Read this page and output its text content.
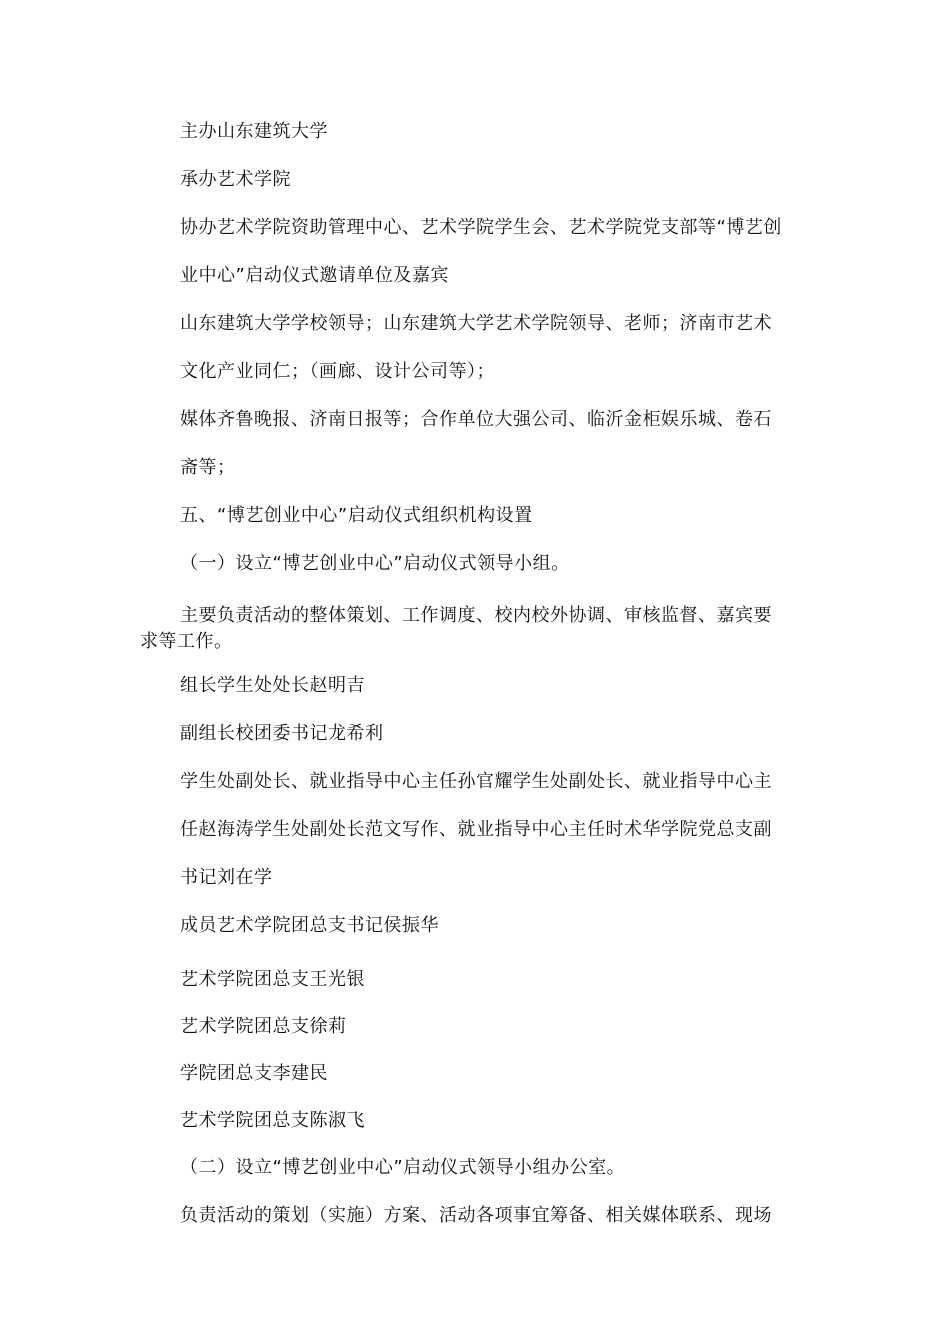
主办山东建筑大学
承办艺术学院
协办艺术学院资助管理中心、艺术学院学生会、艺术学院党支部等“博艺创
业中心”启动仪式邀请单位及嘉宾
山东建筑大学学校领导；山东建筑大学艺术学院领导、老师；济南市艺术
文化产业同仁；（画廊、设计公司等）；
媒体齐鲁晚报、济南日报等；合作单位大强公司、临沂金柜娱乐城、卷石
斋等；
五、“博艺创业中心”启动仪式组织机构设置
（一）设立“博艺创业中心”启动仪式领导小组。
主要负责活动的整体策划、工作调度、校内校外协调、审核监督、嘉宾要
求等工作。
组长学生处处长赵明吉
副组长校团委书记龙希利
学生处副处长、就业指导中心主任孙官耀学生处副处长、就业指导中心主
任赵海涛学生处副处长范文写作、就业指导中心主任时术华学院党总支副
书记刘在学
成员艺术学院团总支书记侯振华
艺术学院团总支王光银
艺术学院团总支徐莉
学院团总支李建民
艺术学院团总支陈淑飞
（二）设立“博艺创业中心”启动仪式领导小组办公室。
负责活动的策划（实施）方案、活动各项事宜筹备、相关媒体联系、现场
